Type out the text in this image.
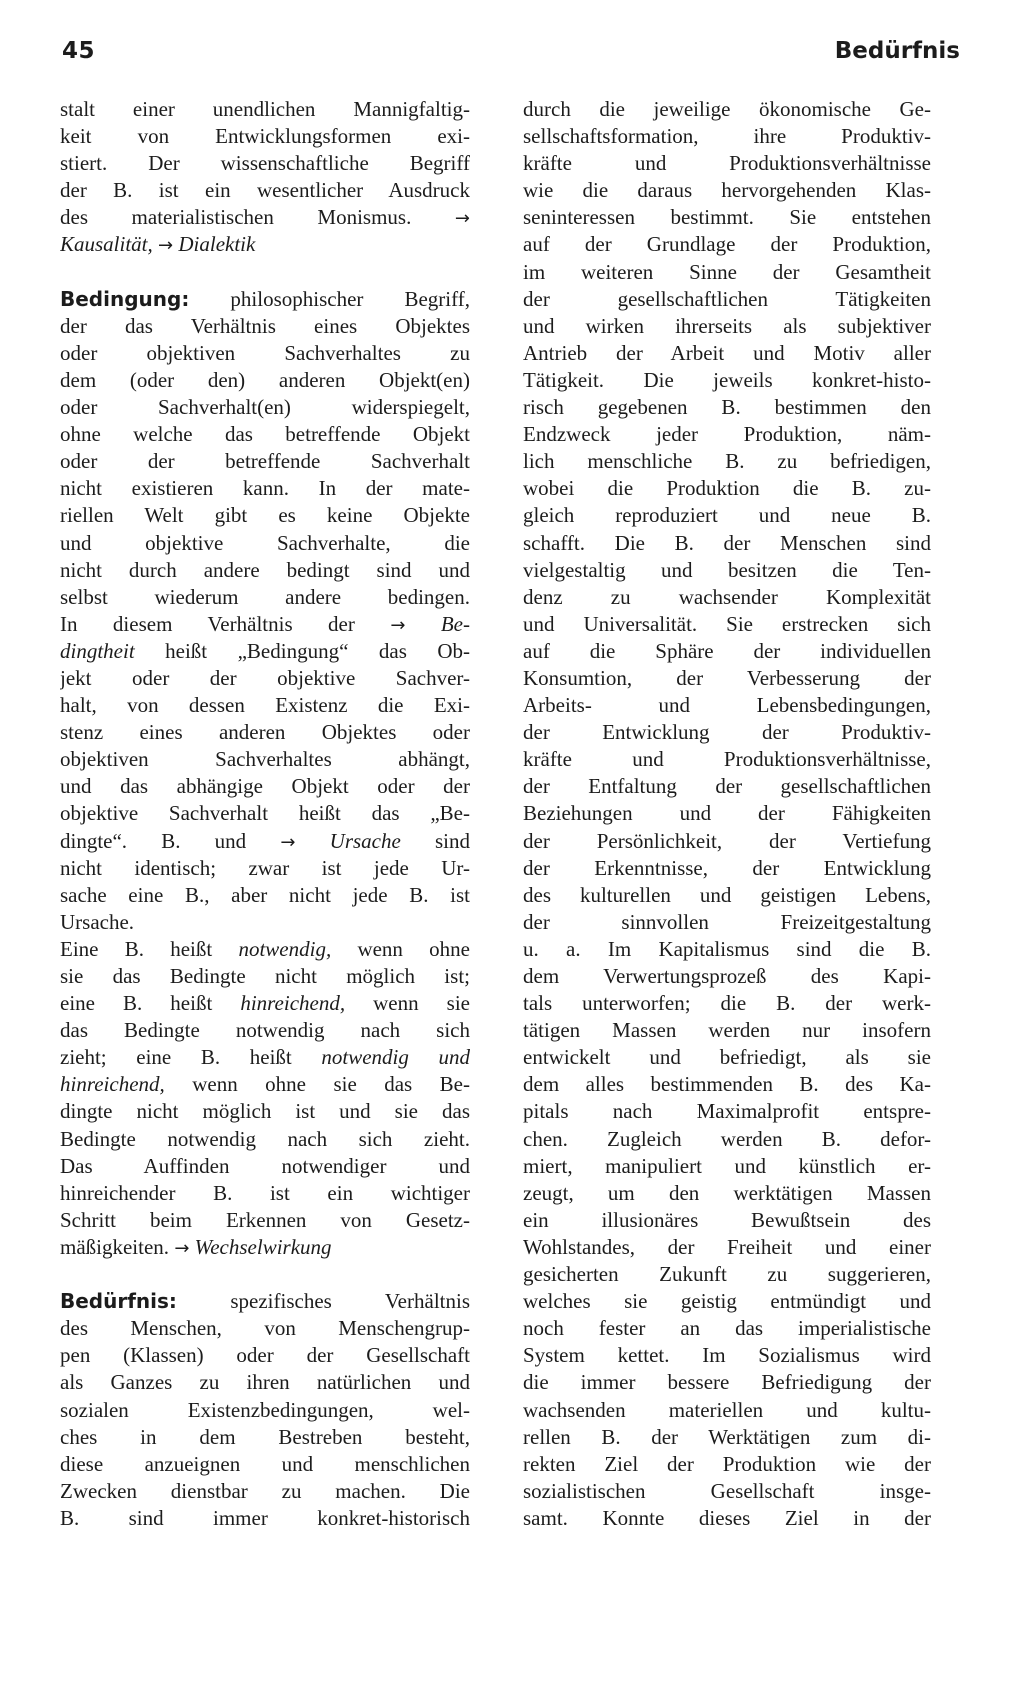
45	Bedürfnis
stalt einer unendlichen Mannigfaltig-
keit von Entwicklungsformen exi-
stiert. Der wissenschaftliche Begriff
der B. ist ein wesentlicher Ausdruck
des materialistischen Monismus. →
Kausalität, → Dialektik
Bedingung: philosophischer Begriff,
der das Verhältnis eines Objektes
oder objektiven Sachverhaltes zu
dem (oder den) anderen Objekt(en)
oder Sachverhalt(en) widerspiegelt,
ohne welche das betreffende Objekt
oder der betreffende Sachverhalt
nicht existieren kann. In der mate-
riellen Welt gibt es keine Objekte
und objektive Sachverhalte, die
nicht durch andere bedingt sind und
selbst wiederum andere bedingen.
In diesem Verhältnis der → Be-
dingtheit heißt „Bedingung“ das Ob-
jekt oder der objektive Sachver-
halt, von dessen Existenz die Exi-
stenz eines anderen Objektes oder
objektiven Sachverhaltes abhängt,
und das abhängige Objekt oder der
objektive Sachverhalt heißt das „Be-
dingte“. B. und → Ursache sind
nicht identisch; zwar ist jede Ur-
sache eine B., aber nicht jede B. ist
Ursache.
Eine B. heißt notwendig, wenn ohne
sie das Bedingte nicht möglich ist;
eine B. heißt hinreichend, wenn sie
das Bedingte notwendig nach sich
zieht; eine B. heißt notwendig und
hinreichend, wenn ohne sie das Be-
dingte nicht möglich ist und sie das
Bedingte notwendig nach sich zieht.
Das Auffinden notwendiger und
hinreichender B. ist ein wichtiger
Schritt beim Erkennen von Gesetz-
mäßigkeiten. → Wechselwirkung
Bedürfnis: spezifisches Verhältnis
des Menschen, von Menschengrup-
pen (Klassen) oder der Gesellschaft
als Ganzes zu ihren natürlichen und
sozialen Existenzbedingungen, wel-
ches in dem Bestreben besteht,
diese anzueignen und menschlichen
Zwecken dienstbar zu machen. Die
B. sind immer konkret-historisch
durch die jeweilige ökonomische Ge-
sellschaftsformation, ihre Produktiv-
kräfte und Produktionsverhältnisse
wie die daraus hervorgehenden Klas-
seninteressen bestimmt. Sie entstehen
auf der Grundlage der Produktion,
im weiteren Sinne der Gesamtheit
der gesellschaftlichen Tätigkeiten
und wirken ihrerseits als subjektiver
Antrieb der Arbeit und Motiv aller
Tätigkeit. Die jeweils konkret-histo-
risch gegebenen B. bestimmen den
Endzweck jeder Produktion, näm-
lich menschliche B. zu befriedigen,
wobei die Produktion die B. zu-
gleich reproduziert und neue B.
schafft. Die B. der Menschen sind
vielgestaltig und besitzen die Ten-
denz zu wachsender Komplexität
und Universalität. Sie erstrecken sich
auf die Sphäre der individuellen
Konsumtion, der Verbesserung der
Arbeits- und Lebensbedingungen,
der Entwicklung der Produktiv-
kräfte und Produktionsverhältnisse,
der Entfaltung der gesellschaftlichen
Beziehungen und der Fähigkeiten
der Persönlichkeit, der Vertiefung
der Erkenntnisse, der Entwicklung
des kulturellen und geistigen Lebens,
der sinnvollen Freizeitgestaltung
u. a. Im Kapitalismus sind die B.
dem Verwertungsprozeß des Kapi-
tals unterworfen; die B. der werk-
tätigen Massen werden nur insofern
entwickelt und befriedigt, als sie
dem alles bestimmenden B. des Ka-
pitals nach Maximalprofit entspre-
chen. Zugleich werden B. defor-
miert, manipuliert und künstlich er-
zeugt, um den werktätigen Massen
ein illusionäres Bewußtsein des
Wohlstandes, der Freiheit und einer
gesicherten Zukunft zu suggerieren,
welches sie geistig entmündigt und
noch fester an das imperialistische
System kettet. Im Sozialismus wird
die immer bessere Befriedigung der
wachsenden materiellen und kultu-
rellen B. der Werktätigen zum di-
rekten Ziel der Produktion wie der
sozialistischen Gesellschaft insge-
samt. Konnte dieses Ziel in der
